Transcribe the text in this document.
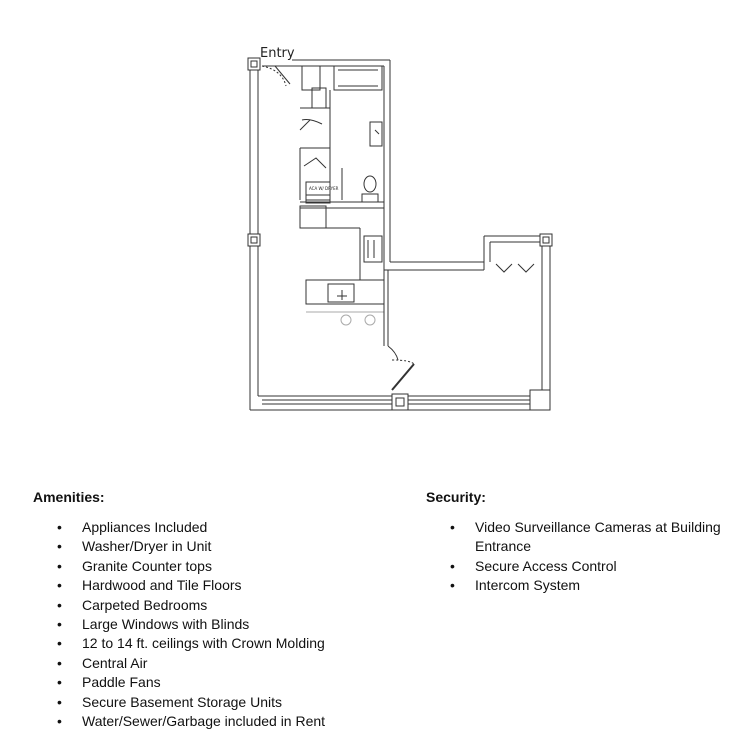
Entry
ACA W/ DRYER
Amenities:
• Appliances Included
• Washer/Dryer in Unit
• Granite Counter tops
• Hardwood and Tile Floors
• Carpeted Bedrooms
• Large Windows with Blinds
• 12 to 14 ft. ceilings with Crown Molding
• Central Air
• Paddle Fans
• Secure Basement Storage Units
• Water/Sewer/Garbage included in Rent
Security:
• Video Surveillance Cameras at Building Entrance
• Secure Access Control
• Intercom System
